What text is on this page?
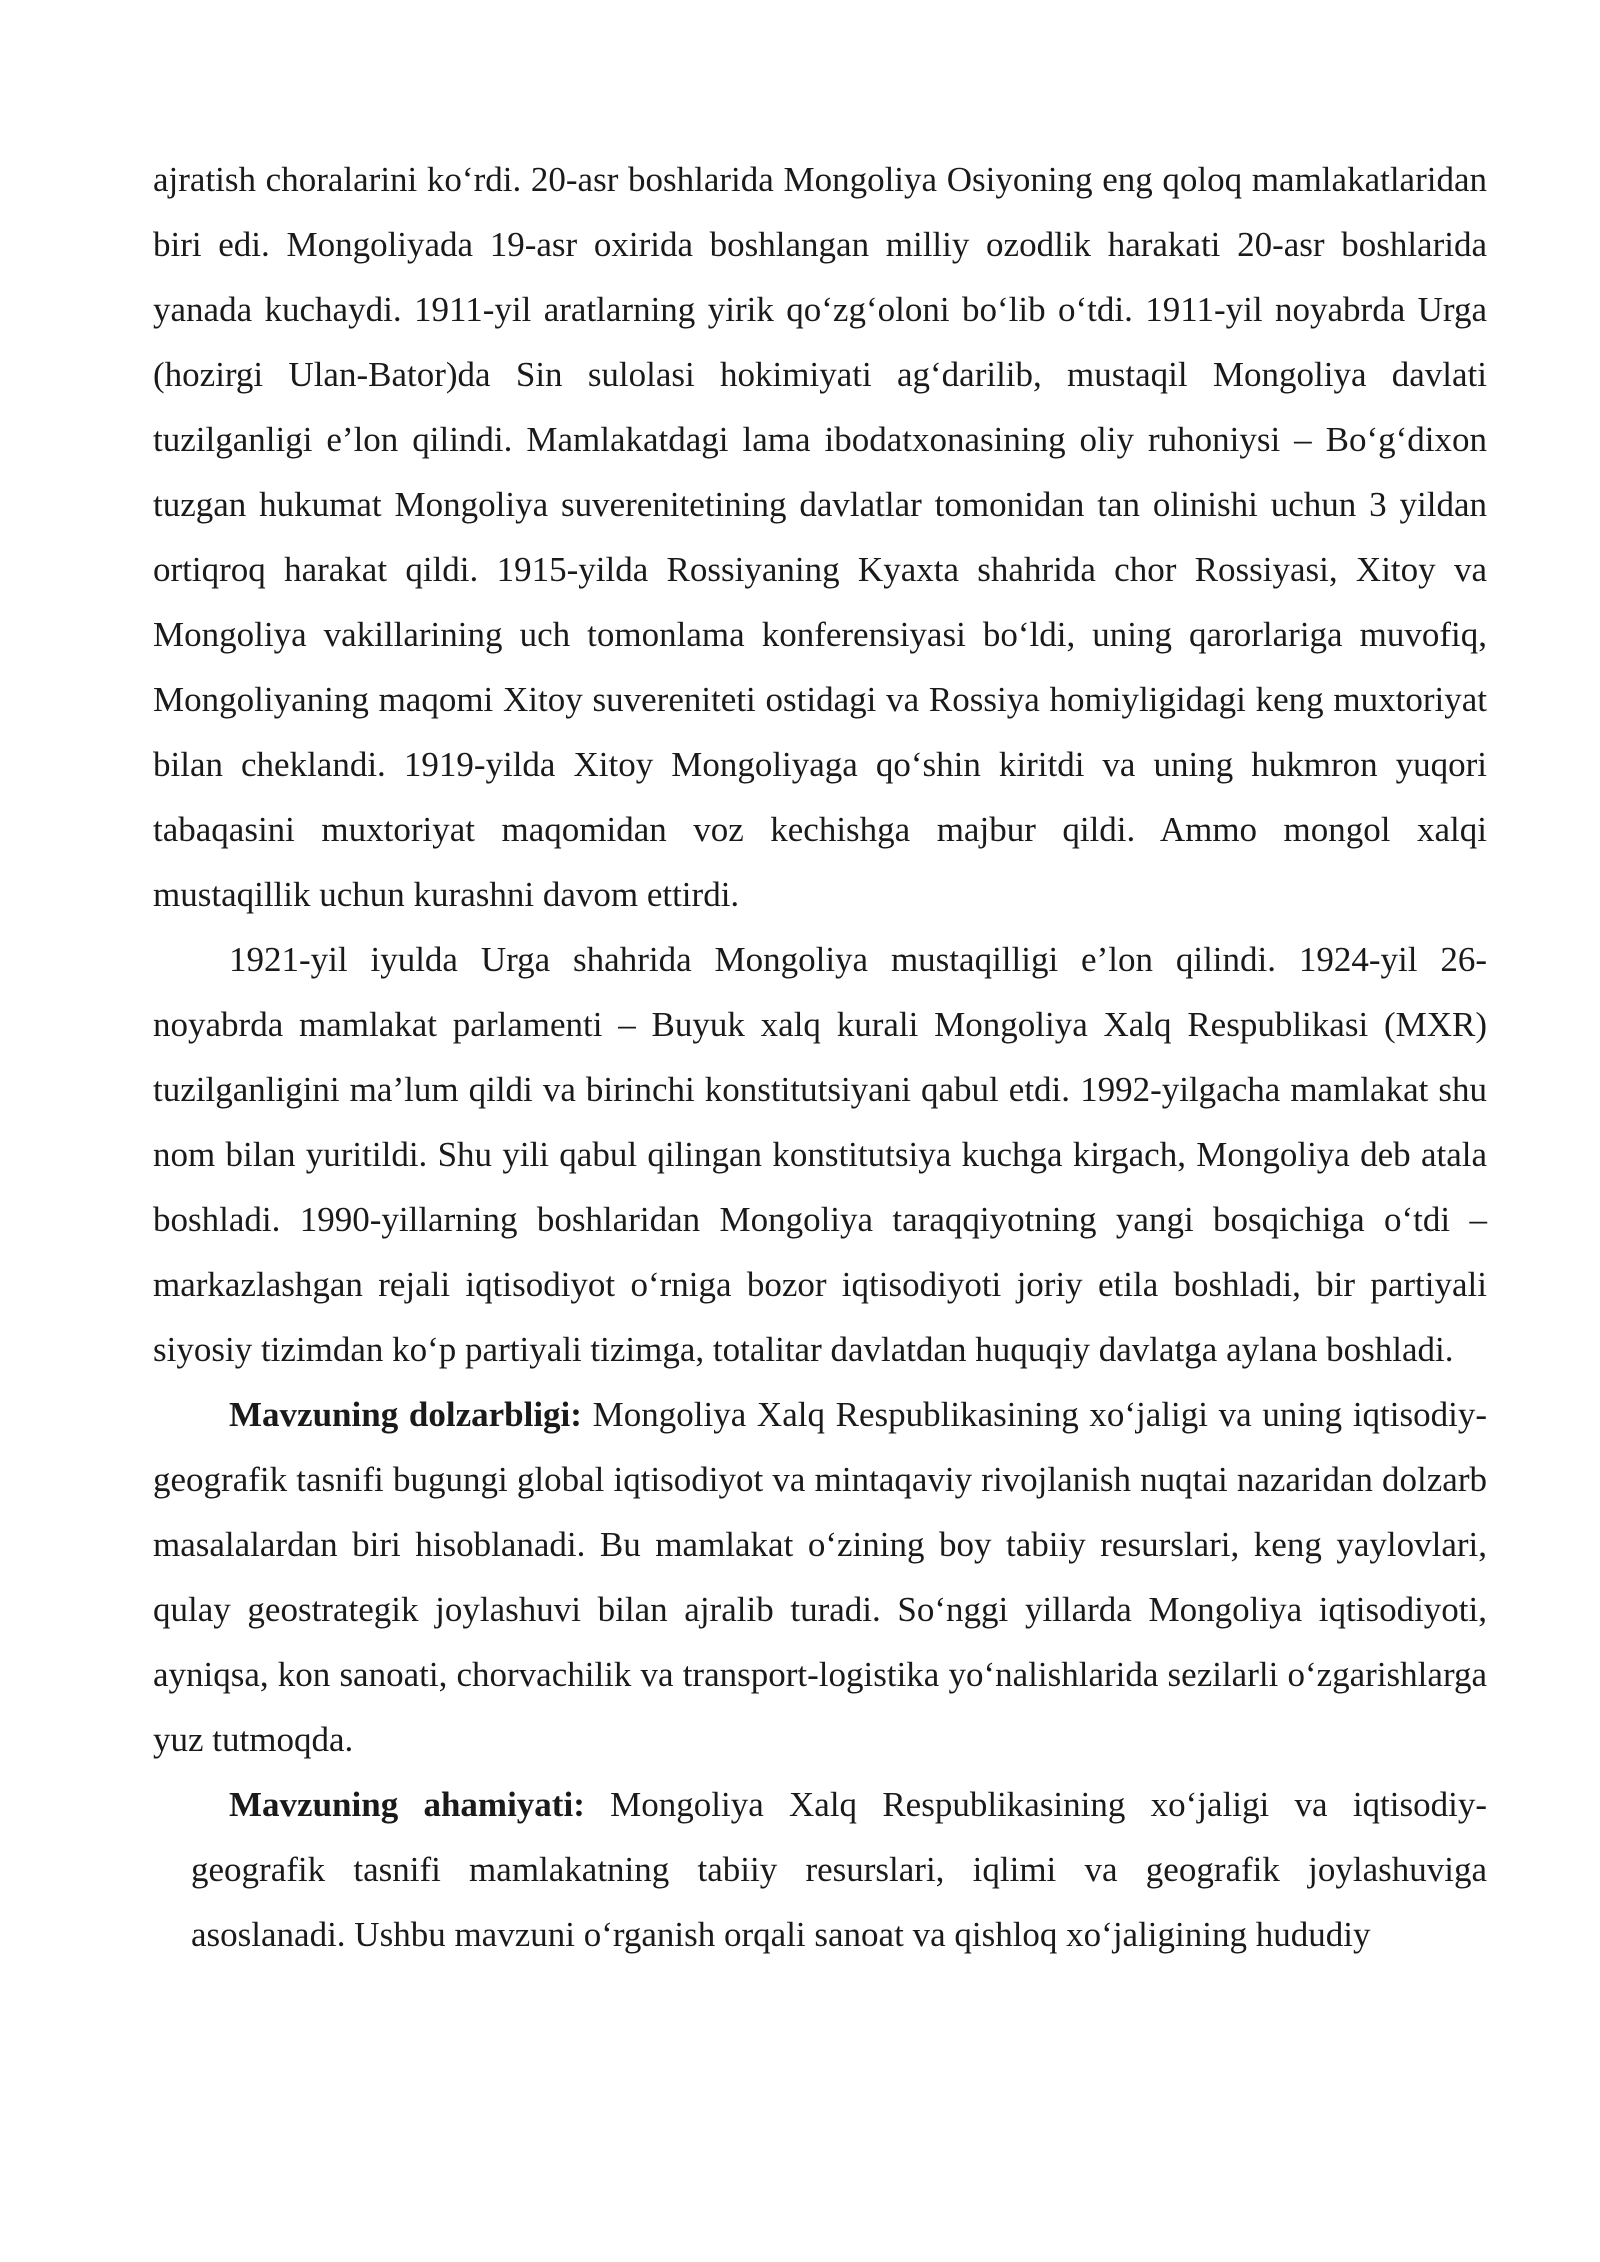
ajratish choralarini ko‘rdi. 20-asr boshlarida Mongoliya Osiyoning eng qoloq mamlakatlaridan biri edi. Mongoliyada 19-asr oxirida boshlangan milliy ozodlik harakati 20-asr boshlarida yanada kuchaydi. 1911-yil aratlarning yirik qo‘zg‘oloni bo‘lib o‘tdi. 1911-yil noyabrda Urga (hozirgi Ulan-Bator)da Sin sulolasi hokimiyati ag‘darilib, mustaqil Mongoliya davlati tuzilganligi e’lon qilindi. Mamlakatdagi lama ibodatxonasining oliy ruhoniysi – Bo‘g‘dixon tuzgan hukumat Mongoliya suverenitetining davlatlar tomonidan tan olinishi uchun 3 yildan ortiqroq harakat qildi. 1915-yilda Rossiyaning Kyaxta shahrida chor Rossiyasi, Xitoy va Mongoliya vakillarining uch tomonlama konferensiyasi bo‘ldi, uning qarorlariga muvofiq, Mongoliyaning maqomi Xitoy suvereniteti ostidagi va Rossiya homiyligidagi keng muxtoriyat bilan cheklandi. 1919-yilda Xitoy Mongoliyaga qo‘shin kiritdi va uning hukmron yuqori tabaqasini muxtoriyat maqomidan voz kechishga majbur qildi. Ammo mongol xalqi mustaqillik uchun kurashni davom ettirdi.

1921-yil iyulda Urga shahrida Mongoliya mustaqilligi e’lon qilindi. 1924-yil 26-noyabrda mamlakat parlamenti – Buyuk xalq kurali Mongoliya Xalq Respublikasi (MXR) tuzilganligini ma’lum qildi va birinchi konstitutsiyani qabul etdi. 1992-yilgacha mamlakat shu nom bilan yuritildi. Shu yili qabul qilingan konstitutsiya kuchga kirgach, Mongoliya deb atala boshladi. 1990-yillarning boshlaridan Mongoliya taraqqiyotning yangi bosqichiga o‘tdi – markazlashgan rejali iqtisodiyot o‘rniga bozor iqtisodiyoti joriy etila boshladi, bir partiyali siyosiy tizimdan ko‘p partiyali tizimga, totalitar davlatdan huquqiy davlatga aylana boshladi.

Mavzuning dolzarbligi: Mongoliya Xalq Respublikasining xo‘jaligi va uning iqtisodiy-geografik tasnifi bugungi global iqtisodiyot va mintaqaviy rivojlanish nuqtai nazaridan dolzarb masalalardan biri hisoblanadi. Bu mamlakat o‘zining boy tabiiy resurslari, keng yaylovlari, qulay geostrategik joylashuvi bilan ajralib turadi. So‘nggi yillarda Mongoliya iqtisodiyoti, ayniqsa, kon sanoati, chorvachilik va transport-logistika yo‘nalishlarida sezilarli o‘zgarishlarga yuz tutmoqda.

Mavzuning ahamiyati: Mongoliya Xalq Respublikasining xo‘jaligi va iqtisodiy-geografik tasnifi mamlakatning tabiiy resurslari, iqlimi va geografik joylashuviga asoslanadi. Ushbu mavzuni o‘rganish orqali sanoat va qishloq xo‘jaligining hududiy
